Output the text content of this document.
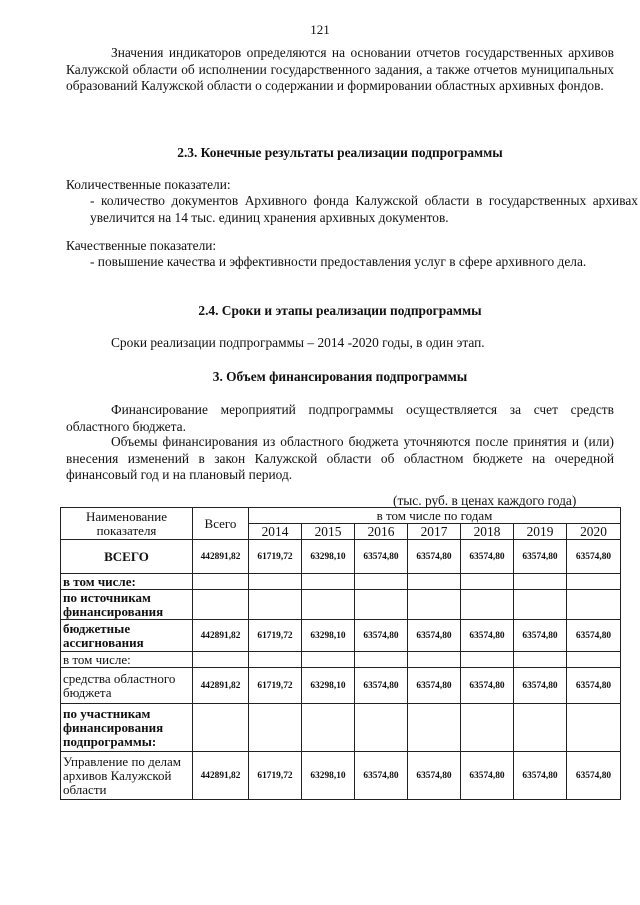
121
Значения индикаторов определяются на основании отчетов государственных архивов Калужской области об исполнении государственного задания, а также отчетов муниципальных образований Калужской области о содержании и формировании областных архивных фондов.
2.3. Конечные результаты реализации подпрограммы
Количественные показатели:
- количество документов Архивного фонда Калужской области в государственных архивах увеличится на 14 тыс. единиц хранения архивных документов.
Качественные показатели:
- повышение качества и эффективности предоставления услуг в сфере архивного дела.
2.4. Сроки и этапы реализации подпрограммы
Сроки реализации подпрограммы – 2014 -2020 годы, в один этап.
3. Объем финансирования подпрограммы
Финансирование мероприятий подпрограммы осуществляется за счет средств областного бюджета.
Объемы финансирования из областного бюджета уточняются после принятия и (или) внесения изменений в закон Калужской области об областном бюджете на очередной финансовый год и на плановый период.
(тыс. руб. в ценах каждого года)
Наименование показателя	Всего	в том числе по годам						
		2014	2015	2016	2017	2018	2019	2020
ВСЕГО	442891,82	61719,72	63298,10	63574,80	63574,80	63574,80	63574,80	63574,80
в том числе:								
по источникам финансирования								
бюджетные ассигнования	442891,82	61719,72	63298,10	63574,80	63574,80	63574,80	63574,80	63574,80
в том числе:								
средства областного бюджета	442891,82	61719,72	63298,10	63574,80	63574,80	63574,80	63574,80	63574,80
по участникам финансирования подпрограммы:								
Управление по делам архивов Калужской области	442891,82	61719,72	63298,10	63574,80	63574,80	63574,80	63574,80	63574,80
